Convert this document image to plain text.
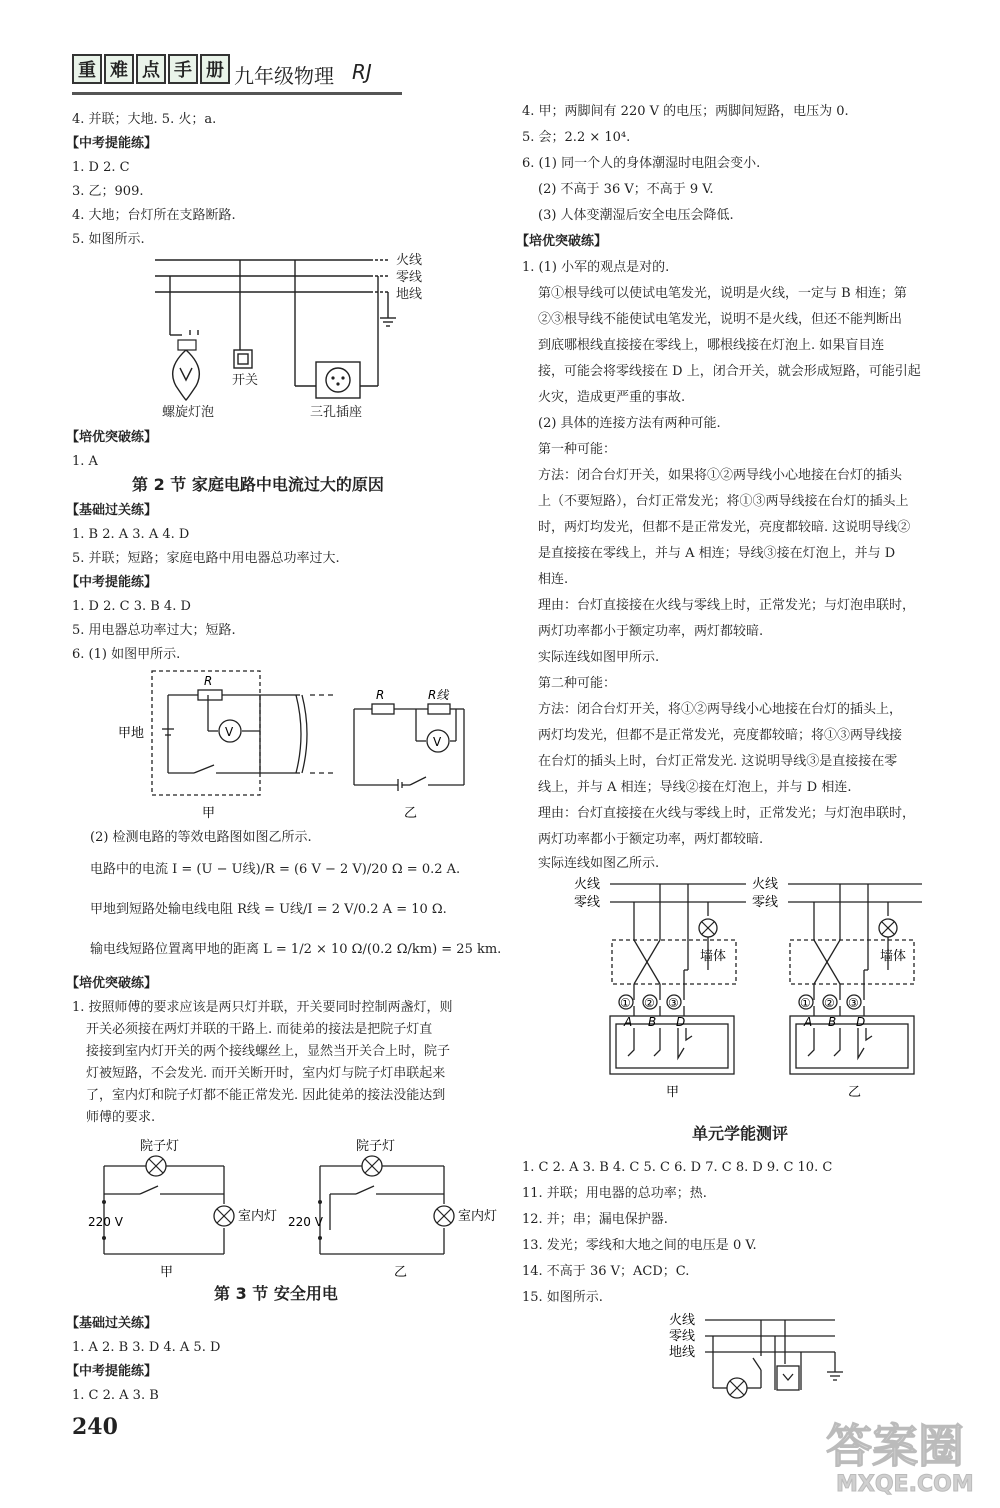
重 难 点 手 册 九年级物理 RJ
4. 并联；大地. 5. 火；a.
【中考提能练】
1. D 2. C
3. 乙；909.
4. 大地；台灯所在支路断路.
5. 如图所示.
火线
零线
地线
开关
螺旋灯泡	三孔插座
【培优突破练】
1. A
第 2 节 家庭电路中电流过大的原因
【基础过关练】
1. B 2. A 3. A 4. D
5. 并联；短路；家庭电路中用电器总功率过大.
【中考提能练】
1. D 2. C 3. B 4. D
5. 用电器总功率过大；短路.
6. (1) 如图甲所示.
V
V
甲地
R
R	R线
甲	乙
(2) 检测电路的等效电路图如图乙所示.
电路中的电流 I = (U − U线)/R = (6 V − 2 V)/20 Ω = 0.2 A.
甲地到短路处输电线电阻 R线 = U线/I = 2 V/0.2 A = 10 Ω.
输电线短路位置离甲地的距离 L = 1/2 × 10 Ω/(0.2 Ω/km) = 25 km.
【培优突破练】
1. 按照师傅的要求应该是两只灯并联，开关要同时控制两盏灯，则
开关必须接在两灯并联的干路上. 而徒弟的接法是把院子灯直
接接到室内灯开关的两个接线螺丝上，显然当开关合上时，院子
灯被短路，不会发光. 而开关断开时，室内灯与院子灯串联起来
了，室内灯和院子灯都不能正常发光. 因此徒弟的接法没能达到
师傅的要求.
院子灯	院子灯
室内灯	室内灯
220 V	220 V
甲	乙
第 3 节 安全用电
【基础过关练】
1. A 2. B 3. D 4. A 5. D
【中考提能练】
1. C 2. A 3. B
240
4. 甲；两脚间有 220 V 的电压；两脚间短路，电压为 0.
5. 会；2.2 × 10⁴.
6. (1) 同一个人的身体潮湿时电阻会变小.
(2) 不高于 36 V；不高于 9 V.
(3) 人体变潮湿后安全电压会降低.
【培优突破练】
1. (1) 小军的观点是对的.
第①根导线可以使试电笔发光，说明是火线，一定与 B 相连；第
②③根导线不能使试电笔发光，说明不是火线，但还不能判断出
到底哪根线直接接在零线上，哪根线接在灯泡上. 如果盲目连
接，可能会将零线接在 D 上，闭合开关，就会形成短路，可能引起
火灾，造成更严重的事故.
(2) 具体的连接方法有两种可能.
第一种可能：
方法：闭合台灯开关，如果将①②两导线小心地接在台灯的插头
上（不要短路），台灯正常发光；将①③两导线接在台灯的插头上
时，两灯均发光，但都不是正常发光，亮度都较暗. 这说明导线②
是直接接在零线上，并与 A 相连；导线③接在灯泡上，并与 D
相连.
理由：台灯直接接在火线与零线上时，正常发光；与灯泡串联时，
两灯功率都小于额定功率，两灯都较暗.
实际连线如图甲所示.
第二种可能：
方法：闭合台灯开关，将①②两导线小心地接在台灯的插头上，
两灯均发光，但都不是正常发光，亮度都较暗；将①③两导线接
在台灯的插头上时，台灯正常发光. 这说明导线③是直接接在零
线上，并与 A 相连；导线②接在灯泡上，并与 D 相连.
理由：台灯直接接在火线与零线上时，正常发光；与灯泡串联时，
两灯功率都小于额定功率，两灯都较暗.
实际连线如图乙所示.
火线
零线
火线
零线
墙体	墙体
① ② ③	① ② ③
A B D	A B D
甲	乙
单元学能测评
1. C 2. A 3. B 4. C 5. C 6. D 7. C 8. D 9. C 10. C
11. 并联；用电器的总功率；热.
12. 并；串；漏电保护器.
13. 发光；零线和大地之间的电压是 0 V.
14. 不高于 36 V；ACD；C.
15. 如图所示.
火线
零线
地线
答案圈
MXQE.COM
